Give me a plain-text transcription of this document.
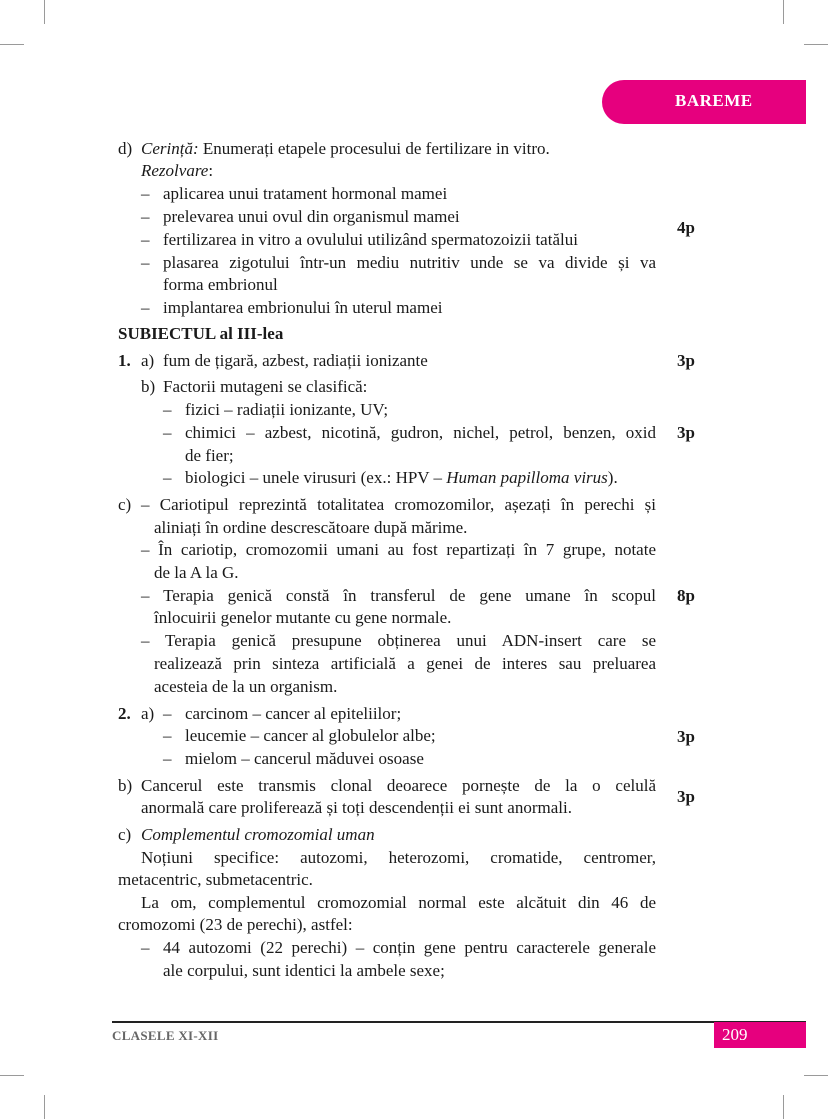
BAREME
d) Cerință: Enumerați etapele procesului de fertilizare in vitro.
Rezolvare:
– aplicarea unui tratament hormonal mamei
– prelevarea unui ovul din organismul mamei
– fertilizarea in vitro a ovulului utilizând spermatozoizii tatălui
– plasarea zigotului într-un mediu nutritiv unde se va divide și va
forma embrionul
– implantarea embrionului în uterul mamei
4p
SUBIECTUL al III-lea
1. a) fum de țigară, azbest, radiații ionizante	3p
b) Factorii mutageni se clasifică:
– fizici – radiații ionizante, UV;
– chimici – azbest, nicotină, gudron, nichel, petrol, benzen, oxid
de fier;
– biologici – unele virusuri (ex.: HPV – Human papilloma virus).
3p
c) – Cariotipul reprezintă totalitatea cromozomilor, așezați în perechi și
aliniați în ordine descrescătoare după mărime.
– În cariotip, cromozomii umani au fost repartizați în 7 grupe, notate
de la A la G.
– Terapia genică constă în transferul de gene umane în scopul
înlocuirii genelor mutante cu gene normale.
– Terapia genică presupune obținerea unui ADN-insert care se
realizează prin sinteza artificială a genei de interes sau preluarea
acesteia de la un organism.
8p
2. a) – carcinom – cancer al epiteliilor;
– leucemie – cancer al globulelor albe;
– mielom – cancerul măduvei osoase
3p
b) Cancerul este transmis clonal deoarece pornește de la o celulă
anormală care proliferează și toți descendenții ei sunt anormali.
3p
c) Complementul cromozomial uman
Noțiuni specifice: autozomi, heterozomi, cromatide, centromer,
metacentric, submetacentric.
La om, complementul cromozomial normal este alcătuit din 46 de
cromozomi (23 de perechi), astfel:
– 44 autozomi (22 perechi) – conțin gene pentru caracterele generale
ale corpului, sunt identici la ambele sexe;
CLASELE XI-XII	209
